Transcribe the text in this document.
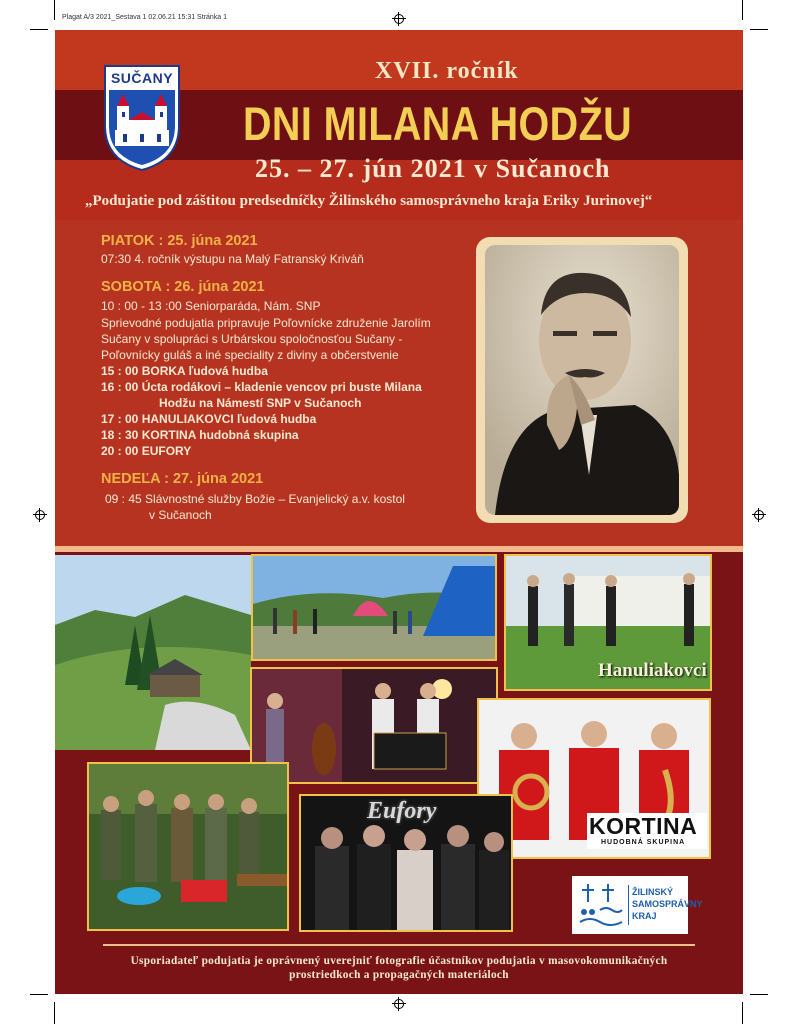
Plagat A/3 2021_Sestava 1 02.06.21 15:31 Stránka 1
SUČANY	XVII. ročník
DNI MILANA HODŽU
25. – 27. jún 2021 v Sučanoch
„Podujatie pod záštitou predsedníčky Žilinského samosprávneho kraja Eriky Jurinovej“
PIATOK : 25. júna 2021
07:30 4. ročník výstupu na Malý Fatranský Kriváň
SOBOTA : 26. júna 2021
10 : 00 - 13 :00 Seniorparáda, Nám. SNP
Sprievodné podujatia pripravuje Poľovnícke združenie Jarolím
Sučany v spolupráci s Urbárskou spoločnosťou Sučany -
Poľovnícky guláš a iné speciality z diviny a občerstvenie
15 : 00 BORKA ľudová hudba
16 : 00 Úcta rodákovi – kladenie vencov pri buste Milana
Hodžu na Námestí SNP v Sučanoch
17 : 00 HANULIAKOVCI ľudová hudba
18 : 30 KORTINA hudobná skupina
20 : 00 EUFORY
NEDEĽA : 27. júna 2021
09 : 45 Slávnostné služby Božie – Evanjelický a.v. kostol
v Sučanoch
Hanuliakovci
KORTINA
HUDOBNÁ SKUPINA
Eufory
ŽILINSKÝ
SAMOSPRÁVNY
KRAJ
Usporiadateľ podujatia je oprávnený uverejniť fotografie účastníkov podujatia v masovokomunikačných
prostriedkoch a propagačných materiáloch
